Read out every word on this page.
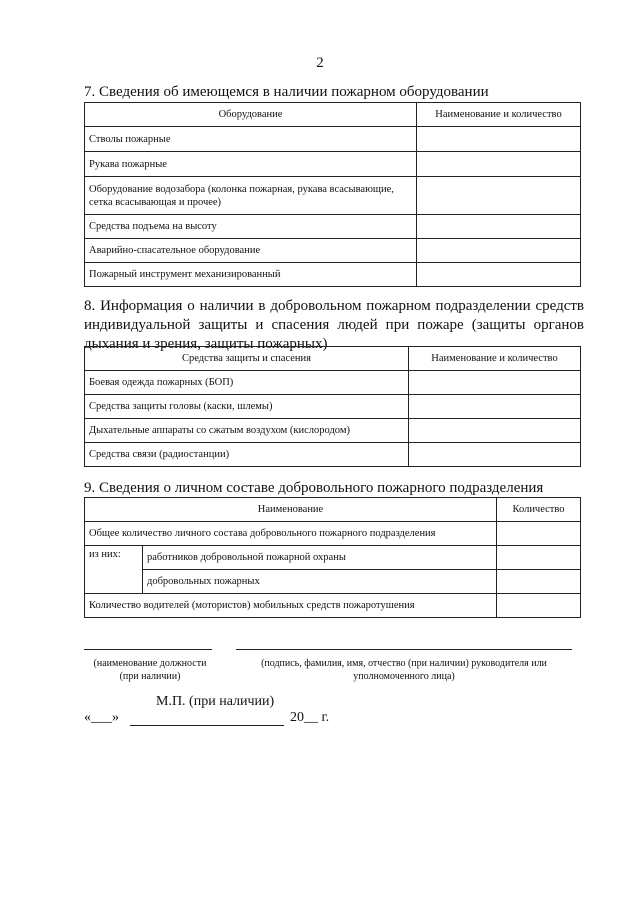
2
7. Сведения об имеющемся в наличии пожарном оборудовании
Оборудование	Наименование и количество
Стволы пожарные	
Рукава пожарные	
Оборудование водозабора (колонка пожарная, рукава всасывающие, сетка всасывающая и прочее)	
Средства подъема на высоту	
Аварийно-спасательное оборудование	
Пожарный инструмент механизированный	
8. Информация о наличии в добровольном пожарном подразделении средств индивидуальной защиты и спасения людей при пожаре (защиты органов дыхания и зрения, защиты пожарных)
Средства защиты и спасения	Наименование и количество
Боевая одежда пожарных (БОП)	
Средства защиты головы (каски, шлемы)	
Дыхательные аппараты со сжатым воздухом (кислородом)	
Средства связи (радиостанции)	
9. Сведения о личном составе добровольного пожарного подразделения
Наименование		Количество
Общее количество личного состава добровольного пожарного подразделения		
из них:	работников добровольной пожарной охраны	
	добровольных пожарных	
Количество водителей (мотористов) мобильных средств пожаротушения		
(наименование должности
(при наличии)
(подпись, фамилия, имя, отчество (при наличии) руководителя или
уполномоченного лица)
М.П. (при наличии)
«___»	20__ г.
